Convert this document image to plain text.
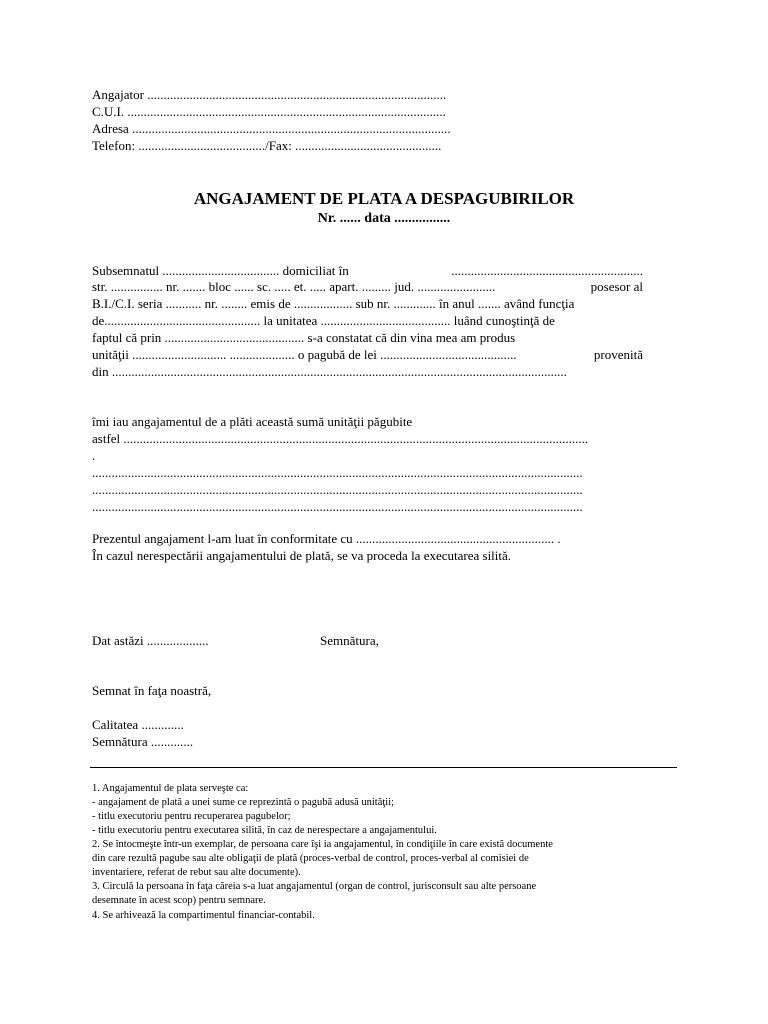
Angajator ............................................................................................
C.U.I. ..................................................................................................
Adresa ..................................................................................................
Telefon: ......................................./Fax: .............................................
ANGAJAMENT DE PLATA A DESPAGUBIRILOR
Nr. ...... data ................
Subsemnatul .................................... domiciliat în	...........................................................
str. ................ nr. ....... bloc ...... sc. ..... et. ..... apart. ......... jud. ........................	posesor al
B.I./C.I. seria ........... nr. ........ emis de .................. sub nr. ............. în anul ....... având funcţia
de................................................ la unitatea ........................................ luând cunoştinţă de
faptul că prin ........................................... s-a constatat că din vina mea am produs
unităţii ............................. .................... o pagubă de lei ..........................................	provenită
din ............................................................................................................................................
îmi iau angajamentul de a plăti această sumă unităţii păgubite
astfel ...............................................................................................................................................
.
.......................................................................................................................................................
.......................................................................................................................................................
.......................................................................................................................................................
Prezentul angajament l-am luat în conformitate cu ............................................................. .
În cazul nerespectării angajamentului de plată, se va proceda la executarea silită.
Dat astăzi ...................	Semnătura,
Semnat în faţa noastră,
Calitatea .............
Semnătura .............
1. Angajamentul de plata serveşte ca:
- angajament de plată a unei sume ce reprezintă o pagubă adusă unităţii;
- titlu executoriu pentru recuperarea pagubelor;
- titlu executoriu pentru executarea silită, în caz de nerespectare a angajamentului.
2. Se întocmeşte într-un exemplar, de persoana care îşi ia angajamentul, în condiţiile în care există documente
din care rezultă pagube sau alte obligaţii de plată (proces-verbal de control, proces-verbal al comisiei de
inventariere, referat de rebut sau alte documente).
3. Circulă la persoana în faţa căreia s-a luat angajamentul (organ de control, jurisconsult sau alte persoane
desemnate în acest scop) pentru semnare.
4. Se arhivează la compartimentul financiar-contabil.
